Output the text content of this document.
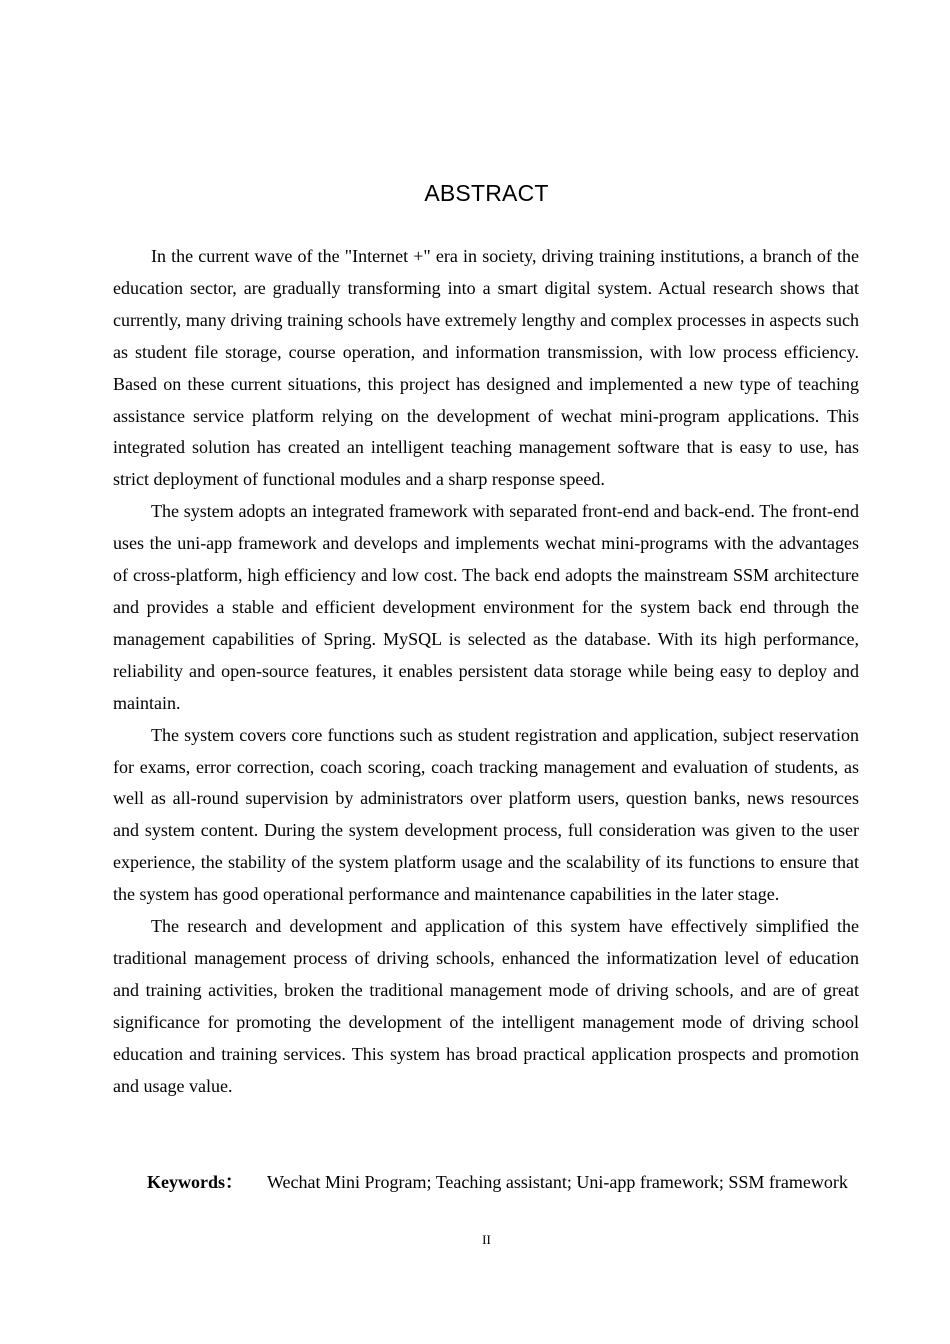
ABSTRACT

In the current wave of the "Internet +" era in society, driving training institutions, a branch of the education sector, are gradually transforming into a smart digital system. Actual research shows that currently, many driving training schools have extremely lengthy and complex processes in aspects such as student file storage, course operation, and information transmission, with low process efficiency. Based on these current situations, this project has designed and implemented a new type of teaching assistance service platform relying on the development of wechat mini-program applications. This integrated solution has created an intelligent teaching management software that is easy to use, has strict deployment of functional modules and a sharp response speed.

The system adopts an integrated framework with separated front-end and back-end. The front-end uses the uni-app framework and develops and implements wechat mini-programs with the advantages of cross-platform, high efficiency and low cost. The back end adopts the mainstream SSM architecture and provides a stable and efficient development environment for the system back end through the management capabilities of Spring. MySQL is selected as the database. With its high performance, reliability and open-source features, it enables persistent data storage while being easy to deploy and maintain.

The system covers core functions such as student registration and application, subject reservation for exams, error correction, coach scoring, coach tracking management and evaluation of students, as well as all-round supervision by administrators over platform users, question banks, news resources and system content. During the system development process, full consideration was given to the user experience, the stability of the system platform usage and the scalability of its functions to ensure that the system has good operational performance and maintenance capabilities in the later stage.

The research and development and application of this system have effectively simplified the traditional management process of driving schools, enhanced the informatization level of education and training activities, broken the traditional management mode of driving schools, and are of great significance for promoting the development of the intelligent management mode of driving school education and training services. This system has broad practical application prospects and promotion and usage value.

Keywords： Wechat Mini Program; Teaching assistant; Uni-app framework; SSM framework
II
